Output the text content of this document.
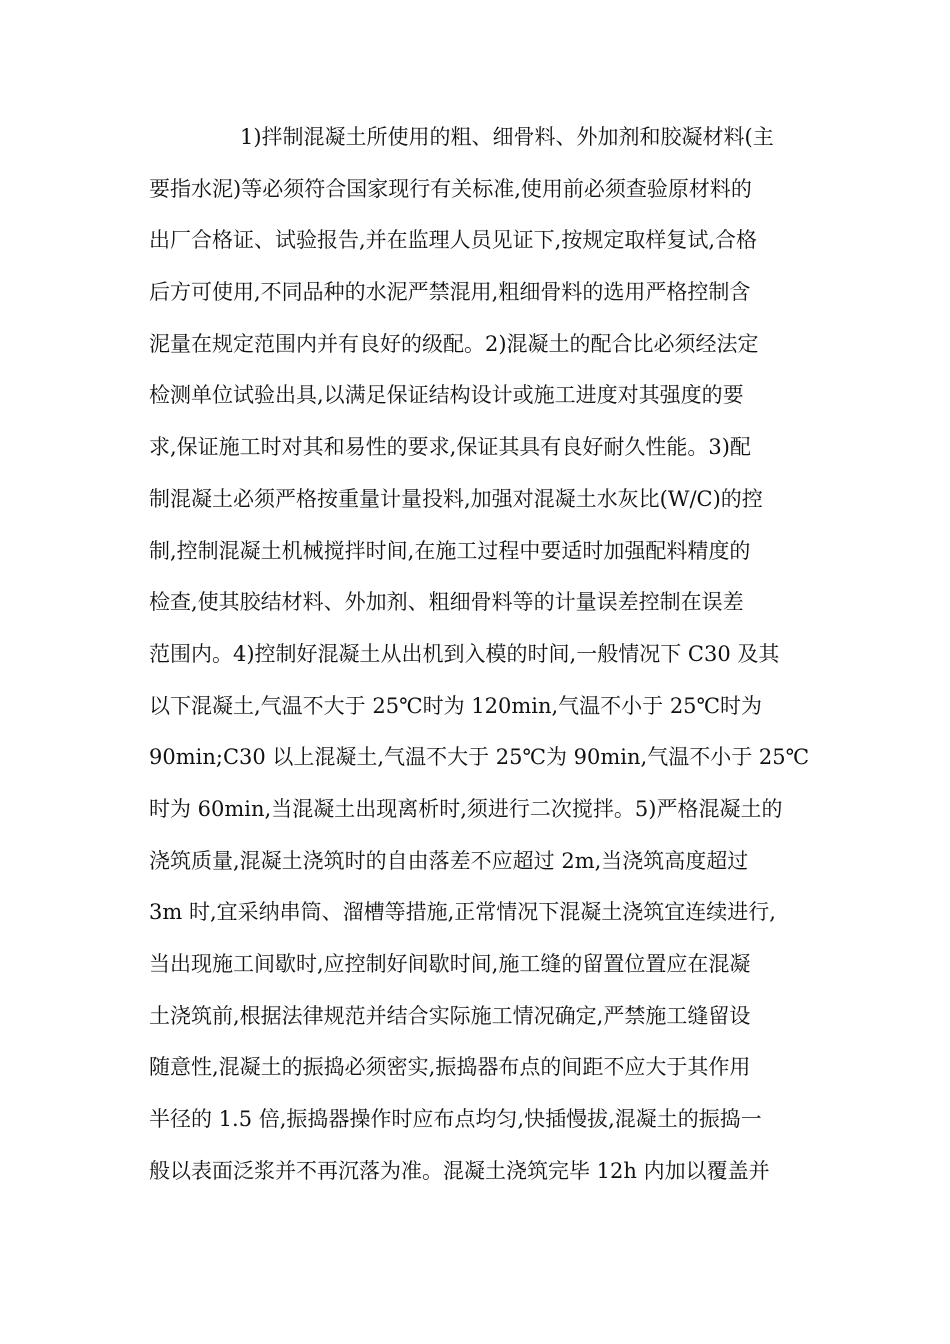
1)拌制混凝土所使用的粗、细骨料、外加剂和胶凝材料(主
要指水泥)等必须符合国家现行有关标准,使用前必须查验原材料的
出厂合格证、试验报告,并在监理人员见证下,按规定取样复试,合格
后方可使用,不同品种的水泥严禁混用,粗细骨料的选用严格控制含
泥量在规定范围内并有良好的级配。2)混凝土的配合比必须经法定
检测单位试验出具,以满足保证结构设计或施工进度对其强度的要
求,保证施工时对其和易性的要求,保证其具有良好耐久性能。3)配
制混凝土必须严格按重量计量投料,加强对混凝土水灰比(W/C)的控
制,控制混凝土机械搅拌时间,在施工过程中要适时加强配料精度的
检查,使其胶结材料、外加剂、粗细骨料等的计量误差控制在误差
范围内。4)控制好混凝土从出机到入模的时间,一般情况下 C30 及其
以下混凝土,气温不大于 25℃时为 120min,气温不小于 25℃时为
90min;C30 以上混凝土,气温不大于 25℃为 90min,气温不小于 25℃
时为 60min,当混凝土出现离析时,须进行二次搅拌。5)严格混凝土的
浇筑质量,混凝土浇筑时的自由落差不应超过 2m,当浇筑高度超过
3m 时,宜采纳串筒、溜槽等措施,正常情况下混凝土浇筑宜连续进行,
当出现施工间歇时,应控制好间歇时间,施工缝的留置位置应在混凝
土浇筑前,根据法律规范并结合实际施工情况确定,严禁施工缝留设
随意性,混凝土的振捣必须密实,振捣器布点的间距不应大于其作用
半径的 1.5 倍,振捣器操作时应布点均匀,快插慢拔,混凝土的振捣一
般以表面泛浆并不再沉落为准。混凝土浇筑完毕 12h 内加以覆盖并
